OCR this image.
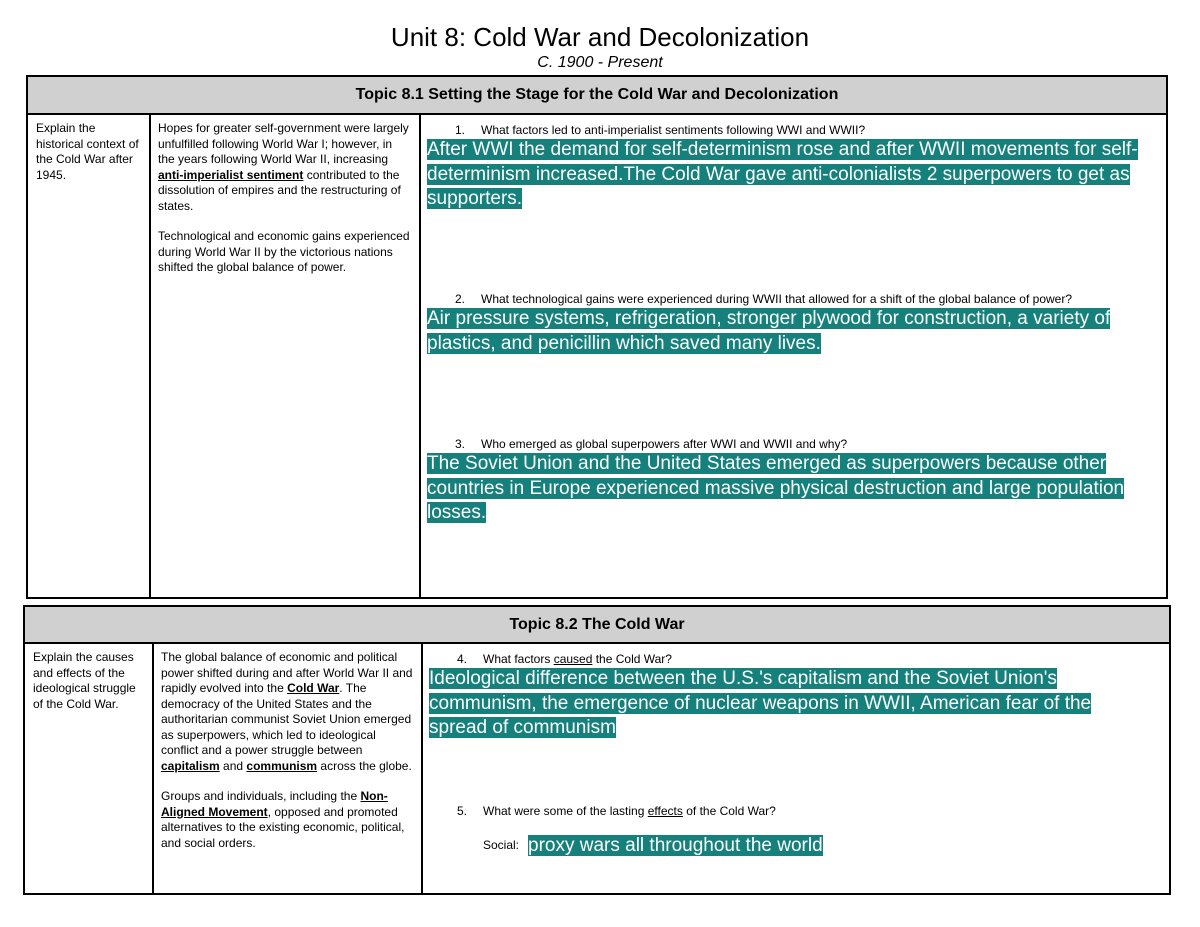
Unit 8: Cold War and Decolonization
C. 1900 - Present
Topic 8.1 Setting the Stage for the Cold War and Decolonization
Explain the historical context of the Cold War after 1945.

Hopes for greater self-government were largely unfulfilled following World War I; however, in the years following World War II, increasing anti-imperialist sentiment contributed to the dissolution of empires and the restructuring of states.

Technological and economic gains experienced during World War II by the victorious nations shifted the global balance of power.

1. What factors led to anti-imperialist sentiments following WWI and WWII?
After WWI the demand for self-determinism rose and after WWII movements for self-determinism increased.The Cold War gave anti-colonialists 2 superpowers to get as supporters.
2. What technological gains were experienced during WWII that allowed for a shift of the global balance of power?
Air pressure systems, refrigeration, stronger plywood for construction, a variety of plastics, and penicillin which saved many lives.
3. Who emerged as global superpowers after WWI and WWII and why?
The Soviet Union and the United States emerged as superpowers because other countries in Europe experienced massive physical destruction and large population losses.
Topic 8.2 The Cold War
Explain the causes and effects of the ideological struggle of the Cold War.

The global balance of economic and political power shifted during and after World War II and rapidly evolved into the Cold War. The democracy of the United States and the authoritarian communist Soviet Union emerged as superpowers, which led to ideological conflict and a power struggle between capitalism and communism across the globe.

Groups and individuals, including the Non-Aligned Movement, opposed and promoted alternatives to the existing economic, political, and social orders.

4. What factors caused the Cold War?
Ideological difference between the U.S.'s capitalism and the Soviet Union's communism, the emergence of nuclear weapons in WWII, American fear of the spread of communism
5. What were some of the lasting effects of the Cold War?
Social: proxy wars all throughout the world
